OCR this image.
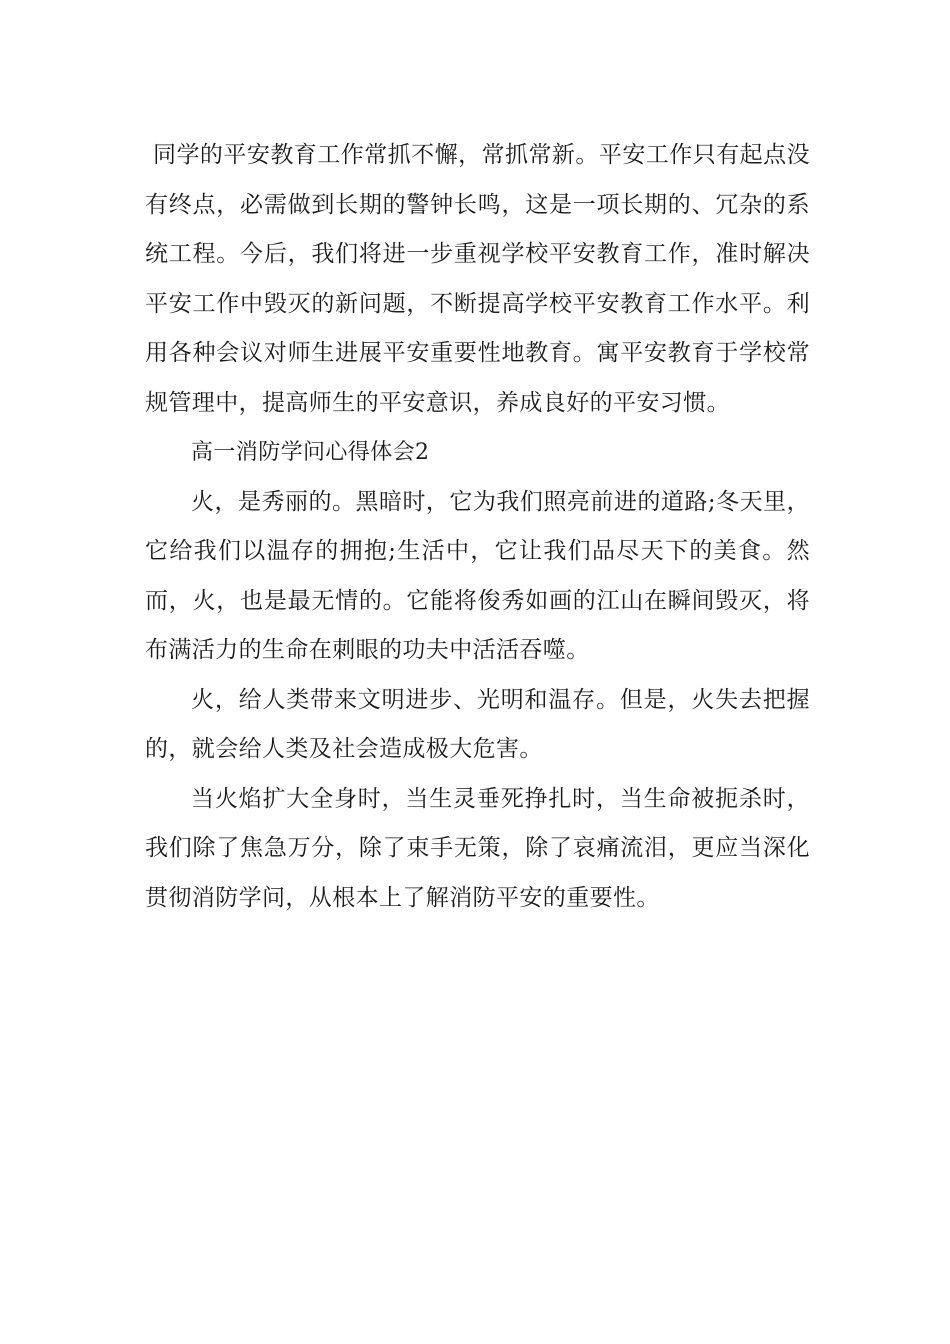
同学的平安教育工作常抓不懈，常抓常新。平安工作只有起点没有终点，必需做到长期的警钟长鸣，这是一项长期的、冗杂的系统工程。今后，我们将进一步重视学校平安教育工作，准时解决平安工作中毁灭的新问题，不断提高学校平安教育工作水平。利用各种会议对师生进展平安重要性地教育。寓平安教育于学校常规管理中，提高师生的平安意识，养成良好的平安习惯。

高一消防学问心得体会2

火，是秀丽的。黑暗时，它为我们照亮前进的道路;冬天里，它给我们以温存的拥抱;生活中，它让我们品尽天下的美食。然而，火，也是最无情的。它能将俊秀如画的江山在瞬间毁灭，将布满活力的生命在刺眼的功夫中活活吞噬。

火，给人类带来文明进步、光明和温存。但是，火失去把握的，就会给人类及社会造成极大危害。

当火焰扩大全身时，当生灵垂死挣扎时，当生命被扼杀时，我们除了焦急万分，除了束手无策，除了哀痛流泪，更应当深化贯彻消防学问，从根本上了解消防平安的重要性。
